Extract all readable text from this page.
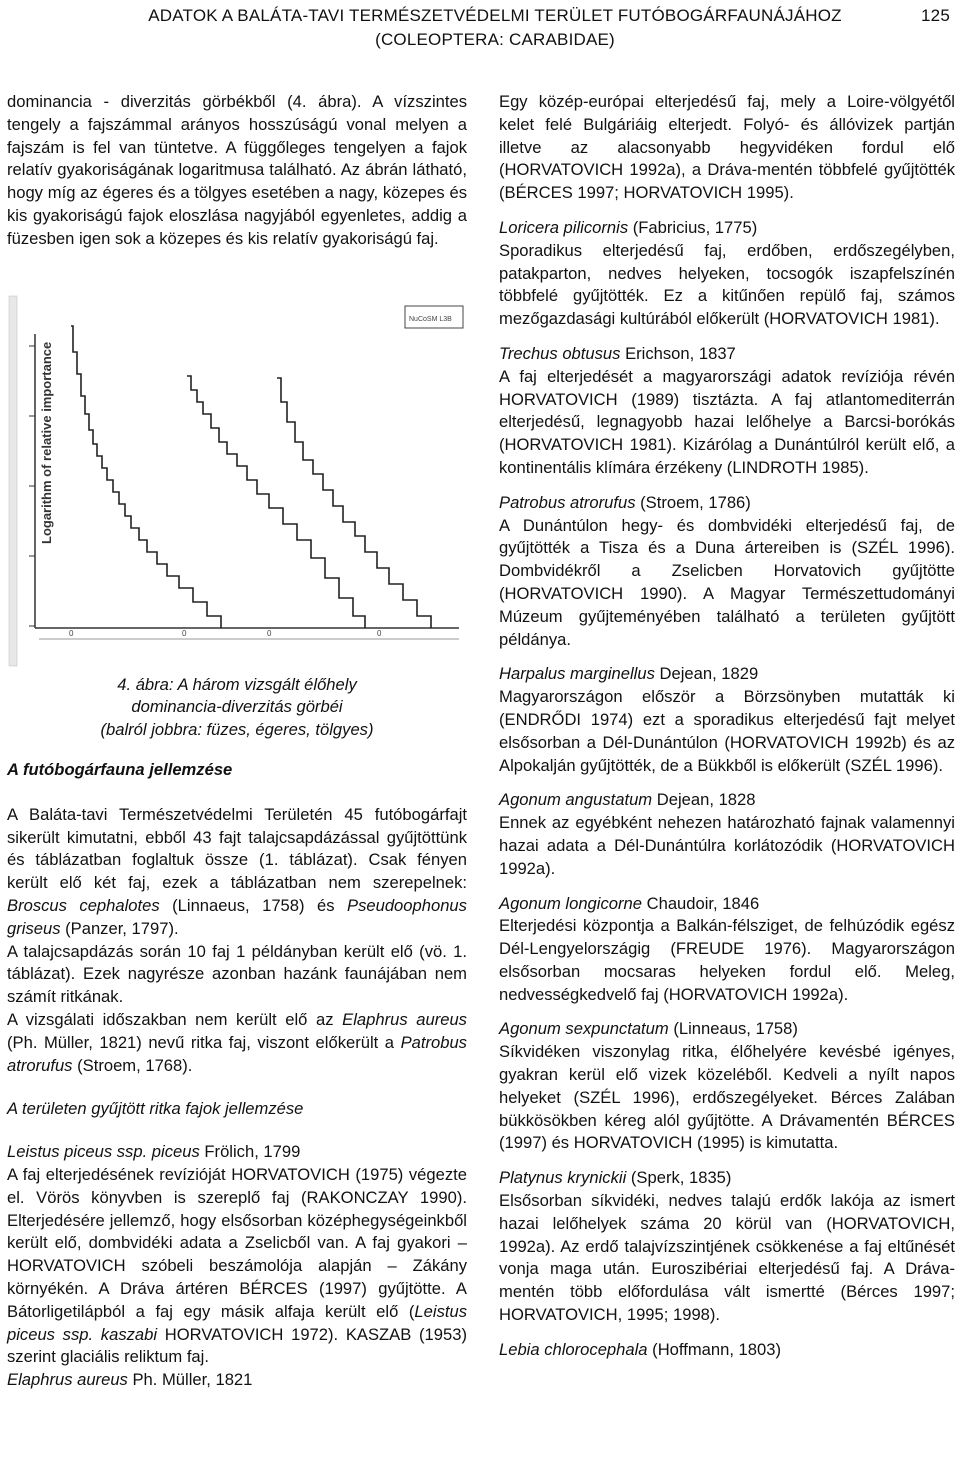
ADATOK A BALÁTA-TAVI TERMÉSZETVÉDELMI TERÜLET FUTÓBOGÁRFAUNÁJÁHOZ
(COLEOPTERA: CARABIDAE)
125

dominancia - diverzitás görbékből (4. ábra). A vízszintes tengely a fajszámmal arányos hosszúságú vonal melyen a fajszám is fel van tüntetve. A függőleges tengelyen a fajok relatív gyakoriságának logaritmusa található. Az ábrán látható, hogy míg az égeres és a tölgyes esetében a nagy, közepes és kis gyakoriságú fajok eloszlása nagyjából egyenletes, addig a füzesben igen sok a közepes és kis relatív gyakoriságú faj.

Logarithm of relative importance
NuCoSM L3B
0	0	0	0
4. ábra: A három vizsgált élőhely
dominancia-diverzitás görbéi
(balról jobbra: füzes, égeres, tölgyes)
A futóbogárfauna jellemzése

A Baláta-tavi Természetvédelmi Területén 45 futóbogárfajt sikerült kimutatni, ebből 43 fajt talajcsapdázással gyűjtöttünk és táblázatban foglaltuk össze (1. táblázat). Csak fényen került elő két faj, ezek a táblázatban nem szerepelnek: Broscus cephalotes (Linnaeus, 1758) és Pseudoophonus griseus (Panzer, 1797).

A talajcsapdázás során 10 faj 1 példányban került elő (vö. 1. táblázat). Ezek nagyrésze azonban hazánk faunájában nem számít ritkának.

A vizsgálati időszakban nem került elő az Elaphrus aureus (Ph. Müller, 1821) nevű ritka faj, viszont előkerült a Patrobus atrorufus (Stroem, 1768).

A területen gyűjtött ritka fajok jellemzése

Leistus piceus ssp. piceus Frölich, 1799

A faj elterjedésének revízióját HORVATOVICH (1975) végezte el. Vörös könyvben is szereplő faj (RAKONCZAY 1990). Elterjedésére jellemző, hogy elsősorban középhegységeinkből került elő, dombvidéki adata a Zselicből van. A faj gyakori – HORVATOVICH szóbeli beszámolója alapján – Zákány környékén. A Dráva ártéren BÉRCES (1997) gyűjtötte. A Bátorligetilápból a faj egy másik alfaja került elő (Leistus piceus ssp. kaszabi HORVATOVICH 1972). KASZAB (1953) szerint glaciális reliktum faj.

Elaphrus aureus Ph. Müller, 1821

Egy közép-európai elterjedésű faj, mely a Loire-völgyétől kelet felé Bulgáriáig elterjedt. Folyó- és állóvizek partján illetve az alacsonyabb hegyvidéken fordul elő (HORVATOVICH 1992a), a Dráva-mentén többfelé gyűjtötték (BÉRCES 1997; HORVATOVICH 1995).

Loricera pilicornis (Fabricius, 1775)

Sporadikus elterjedésű faj, erdőben, erdőszegélyben, patakparton, nedves helyeken, tocsogók iszapfelszínén többfelé gyűjtötték. Ez a kitűnően repülő faj, számos mezőgazdasági kultúrából előkerült (HORVATOVICH 1981).

Trechus obtusus Erichson, 1837

A faj elterjedését a magyarországi adatok revíziója révén HORVATOVICH (1989) tisztázta. A faj atlantomediterrán elterjedésű, legnagyobb hazai lelőhelye a Barcsi-borókás (HORVATOVICH 1981). Kizárólag a Dunántúlról került elő, a kontinentális klímára érzékeny (LINDROTH 1985).

Patrobus atrorufus (Stroem, 1786)

A Dunántúlon hegy- és dombvidéki elterjedésű faj, de gyűjtötték a Tisza és a Duna ártereiben is (SZÉL 1996). Dombvidékről a Zselicben Horvatovich gyűjtötte (HORVATOVICH 1990). A Magyar Természettudományi Múzeum gyűjteményében található a területen gyűjtött példánya.

Harpalus marginellus Dejean, 1829

Magyarországon először a Börzsönyben mutatták ki (ENDRŐDI 1974) ezt a sporadikus elterjedésű fajt melyet elsősorban a Dél-Dunántúlon (HORVATOVICH 1992b) és az Alpokalján gyűjtötték, de a Bükkből is előkerült (SZÉL 1996).

Agonum angustatum Dejean, 1828

Ennek az egyébként nehezen határozható fajnak valamennyi hazai adata a Dél-Dunántúlra korlátozódik (HORVATOVICH 1992a).

Agonum longicorne Chaudoir, 1846

Elterjedési központja a Balkán-félsziget, de felhúzódik egész Dél-Lengyelországig (FREUDE 1976). Magyarországon elsősorban mocsaras helyeken fordul elő. Meleg, nedvességkedvelő faj (HORVATOVICH 1992a).

Agonum sexpunctatum (Linneaus, 1758)

Síkvidéken viszonylag ritka, élőhelyére kevésbé igényes, gyakran kerül elő vizek közeléből. Kedveli a nyílt napos helyeket (SZÉL 1996), erdőszegélyeket. Bérces Zalában bükkösökben kéreg alól gyűjtötte. A Drávamentén BÉRCES (1997) és HORVATOVICH (1995) is kimutatta.

Platynus krynickii (Sperk, 1835)

Elsősorban síkvidéki, nedves talajú erdők lakója az ismert hazai lelőhelyek száma 20 körül van (HORVATOVICH, 1992a). Az erdő talajvízszintjének csökkenése a faj eltűnését vonja maga után. Euroszibériai elterjedésű faj. A Dráva-mentén több előfordulása vált ismertté (Bérces 1997; HORVATOVICH, 1995; 1998).

Lebia chlorocephala (Hoffmann, 1803)
